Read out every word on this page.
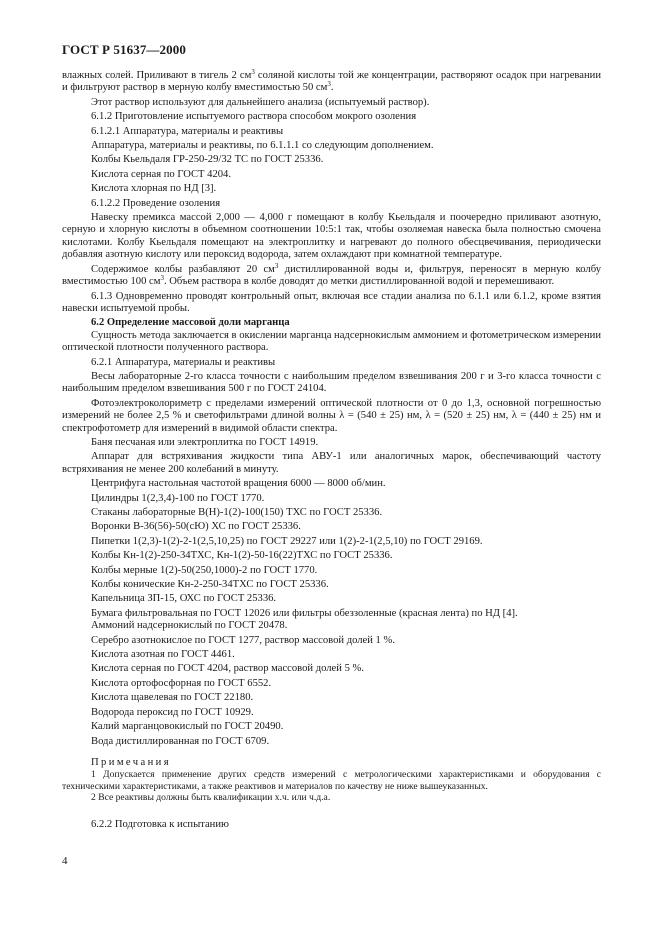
ГОСТ Р 51637—2000

влажных солей. Приливают в тигель 2 $см^3$ соляной кислоты той же концентрации, растворяют осадок при нагревании и фильтруют раствор в мерную колбу вместимостью 50 $см^3$.

Этот раствор используют для дальнейшего анализа (испытуемый раствор).

6.1.2 Приготовление испытуемого раствора способом мокрого озоления

6.1.2.1 Аппаратура, материалы и реактивы

Аппаратура, материалы и реактивы, по 6.1.1.1 со следующим дополнением.

Колбы Кьельдаля ГР-250-29/32 ТС по ГОСТ 25336.

Кислота серная по ГОСТ 4204.

Кислота хлорная по НД [3].

6.1.2.2 Проведение озоления

Навеску премикса массой 2,000 — 4,000 г помещают в колбу Кьельдаля и поочередно приливают азотную, серную и хлорную кислоты в объемном соотношении 10:5:1 так, чтобы озоляемая навеска была полностью смочена кислотами. Колбу Кьельдаля помещают на электроплитку и нагревают до полного обесцвечивания, периодически добавляя азотную кислоту или пероксид водорода, затем охлаждают при комнатной температуре.

Содержимое колбы разбавляют 20 $см^3$ дистиллированной воды и, фильтруя, переносят в мерную колбу вместимостью 100 $см^3$. Объем раствора в колбе доводят до метки дистиллированной водой и перемешивают.

6.1.3 Одновременно проводят контрольный опыт, включая все стадии анализа по 6.1.1 или 6.1.2, кроме взятия навески испытуемой пробы.

6.2 Определение массовой доли марганца

Сущность метода заключается в окислении марганца надсернокислым аммонием и фотометрическом измерении оптической плотности полученного раствора.

6.2.1 Аппаратура, материалы и реактивы

Весы лабораторные 2-го класса точности с наибольшим пределом взвешивания 200 г и 3-го класса точности с наибольшим пределом взвешивания 500 г по ГОСТ 24104.

Фотоэлектроколориметр с пределами измерений оптической плотности от 0 до 1,3, основной погрешностью измерений не более 2,5 % и светофильтрами длиной волны λ = (540 ± 25) нм, λ = (520 ± 25) нм, λ = (440 ± 25) нм и спектрофотометр для измерений в видимой области спектра.

Баня песчаная или электроплитка по ГОСТ 14919.

Аппарат для встряхивания жидкости типа АВУ-1 или аналогичных марок, обеспечивающий частоту встряхивания не менее 200 колебаний в минуту.

Центрифуга настольная частотой вращения 6000 — 8000 об/мин.

Цилиндры 1(2,3,4)-100 по ГОСТ 1770.

Стаканы лабораторные В(Н)-1(2)-100(150) ТХС по ГОСТ 25336.

Воронки В-36(56)-50(сЮ) ХС по ГОСТ 25336.

Пипетки 1(2,3)-1(2)-2-1(2,5,10,25) по ГОСТ 29227 или 1(2)-2-1(2,5,10) по ГОСТ 29169.

Колбы Кн-1(2)-250-34ТХС, Кн-1(2)-50-16(22)ТХС по ГОСТ 25336.

Колбы мерные 1(2)-50(250,1000)-2 по ГОСТ 1770.

Колбы конические Кн-2-250-34ТХС по ГОСТ 25336.

Капельница ЗП-15, ОХС по ГОСТ 25336.

Бумага фильтровальная по ГОСТ 12026 или фильтры обеззоленные (красная лента) по НД [4].

Аммоний надсернокислый по ГОСТ 20478.

Серебро азотнокислое по ГОСТ 1277, раствор массовой долей 1 %.

Кислота азотная по ГОСТ 4461.

Кислота серная по ГОСТ 4204, раствор массовой долей 5 %.

Кислота ортофосфорная по ГОСТ 6552.

Кислота щавелевая по ГОСТ 22180.

Водорода пероксид по ГОСТ 10929.

Калий марганцовокислый по ГОСТ 20490.

Вода дистиллированная по ГОСТ 6709.

Примечания

1 Допускается применение других средств измерений с метрологическими характеристиками и оборудования с техническими характеристиками, а также реактивов и материалов по качеству не ниже вышеуказанных.

2 Все реактивы должны быть квалификации х.ч. или ч.д.а.

6.2.2 Подготовка к испытанию

4
